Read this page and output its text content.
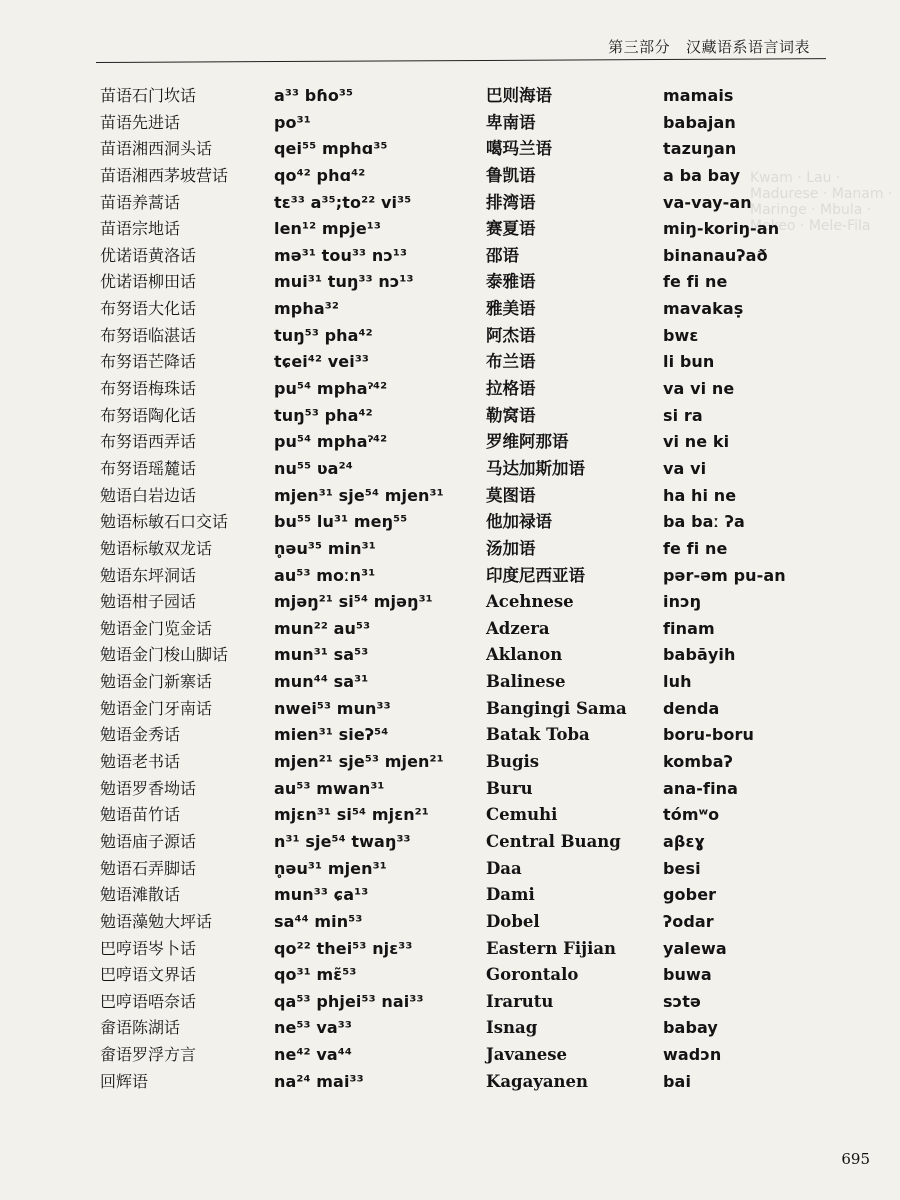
第三部分 汉藏语系语言词表
Kwam · Lau · Madurese · Manam · Maringe · Mbula · Mekeo · Mele-Fila
苗语石门坎话
苗语先进话
苗语湘西洞头话
苗语湘西茅坡营话
苗语养蒿话
苗语宗地话
优诺语黄洛话
优诺语柳田话
布努语大化话
布努语临湛话
布努语芒降话
布努语梅珠话
布努语陶化话
布努语西弄话
布努语瑶麓话
勉语白岩边话
勉语标敏石口交话
勉语标敏双龙话
勉语东坪洞话
勉语柑子园话
勉语金门览金话
勉语金门梭山脚话
勉语金门新寨话
勉语金门牙南话
勉语金秀话
勉语老书话
勉语罗香坳话
勉语苗竹话
勉语庙子源话
勉语石弄脚话
勉语滩散话
勉语藻勉大坪话
巴哼语岑卜话
巴哼语文界话
巴哼语唔奈话
畲语陈湖话
畲语罗浮方言
回辉语
a³³ bɦo³⁵
po³¹
qei⁵⁵ mphɑ³⁵
qo⁴² phɑ⁴²
tɛ³³ a³⁵;to²² vi³⁵
len¹² mpje¹³
mə³¹ tou³³ nɔ¹³
mui³¹ tuŋ³³ nɔ¹³
mpha³²
tuŋ⁵³ pha⁴²
tɕei⁴² vei³³
pu⁵⁴ mphaˀ⁴²
tuŋ⁵³ pha⁴²
pu⁵⁴ mphaˀ⁴²
nu⁵⁵ ʋa²⁴
mjen³¹ sje⁵⁴ mjen³¹
bu⁵⁵ lu³¹ meŋ⁵⁵
n̥əu³⁵ min³¹
au⁵³ moːn³¹
mjəŋ²¹ si⁵⁴ mjəŋ³¹
mun²² au⁵³
mun³¹ sa⁵³
mun⁴⁴ sa³¹
nwei⁵³ mun³³
mien³¹ sieʔ⁵⁴
mjen²¹ sje⁵³ mjen²¹
au⁵³ mwan³¹
mjɛn³¹ si⁵⁴ mjɛn²¹
n³¹ sje⁵⁴ twaŋ³³
n̥əu³¹ mjen³¹
mun³³ ɕa¹³
sa⁴⁴ min⁵³
qo²² thei⁵³ njɛ³³
qo³¹ mɛ̃⁵³
qa⁵³ phjei⁵³ nai³³
ne⁵³ va³³
ne⁴² va⁴⁴
na²⁴ mai³³
巴则海语
卑南语
噶玛兰语
鲁凯语
排湾语
赛夏语
邵语
泰雅语
雅美语
阿杰语
布兰语
拉格语
勒窝语
罗维阿那语
马达加斯加语
莫图语
他加禄语
汤加语
印度尼西亚语
Acehnese
Adzera
Aklanon
Balinese
Bangingi Sama
Batak Toba
Bugis
Buru
Cemuhi
Central Buang
Daa
Dami
Dobel
Eastern Fijian
Gorontalo
Irarutu
Isnag
Javanese
Kagayanen
mamais
babajan
tazuŋan
a ba bay
va-vay-an
miŋ-koriŋ-an
binanauʔað
fe fi ne
mavakaṣ
bwɛ
li bun
va vi ne
si ra
vi ne ki
va vi
ha hi ne
ba baː ʔa
fe fi ne
pər-əm pu-an
inɔŋ
finam
babāyih
luh
denda
boru-boru
kombaʔ
ana-fina
tómʷo
aβɛɣ
besi
gober
ʔodar
yalewa
buwa
sɔtə
babay
wadɔn
bai
695
